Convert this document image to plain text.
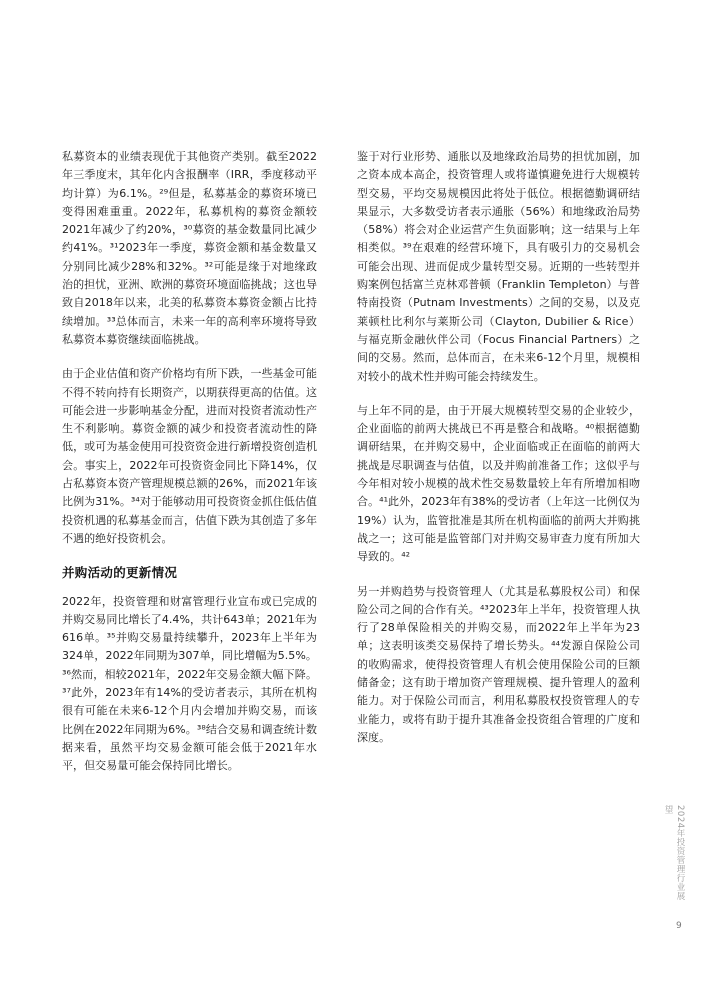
私募资本的业绩表现优于其他资产类别。截至2022年三季度末，其年化内含报酬率（IRR，季度移动平均计算）为6.1%。²⁹但是，私募基金的募资环境已变得困难重重。2022年，私募机构的募资金额较2021年减少了约20%，³⁰募资的基金数量同比减少约41%。³¹2023年一季度，募资金额和基金数量又分别同比减少28%和32%。³²可能是缘于对地缘政治的担忧，亚洲、欧洲的募资环境面临挑战；这也导致自2018年以来，北美的私募资本募资金额占比持续增加。³³总体而言，未来一年的高利率环境将导致私募资本募资继续面临挑战。

由于企业估值和资产价格均有所下跌，一些基金可能不得不转向持有长期资产，以期获得更高的估值。这可能会进一步影响基金分配，进而对投资者流动性产生不利影响。募资金额的减少和投资者流动性的降低，或可为基金使用可投资资金进行新增投资创造机会。事实上，2022年可投资资金同比下降14%，仅占私募资本资产管理规模总额的26%，而2021年该比例为31%。³⁴对于能够动用可投资资金抓住低估值投资机遇的私募基金而言，估值下跌为其创造了多年不遇的绝好投资机会。

并购活动的更新情况

2022年，投资管理和财富管理行业宣布或已完成的并购交易同比增长了4.4%，共计643单；2021年为616单。³⁵并购交易量持续攀升，2023年上半年为324单，2022年同期为307单，同比增幅为5.5%。³⁶然而，相较2021年，2022年交易金额大幅下降。³⁷此外，2023年有14%的受访者表示，其所在机构很有可能在未来6-12个月内会增加并购交易，而该比例在2022年同期为6%。³⁸结合交易和调查统计数据来看，虽然平均交易金额可能会低于2021年水平，但交易量可能会保持同比增长。

鉴于对行业形势、通胀以及地缘政治局势的担忧加剧，加之资本成本高企，投资管理人或将谨慎避免进行大规模转型交易，平均交易规模因此将处于低位。根据德勤调研结果显示，大多数受访者表示通胀（56%）和地缘政治局势（58%）将会对企业运营产生负面影响；这一结果与上年相类似。³⁹在艰难的经营环境下，具有吸引力的交易机会可能会出现、进而促成少量转型交易。近期的一些转型并购案例包括富兰克林邓普顿（Franklin Templeton）与普特南投资（Putnam Investments）之间的交易，以及克莱顿杜比利尔与莱斯公司（Clayton, Dubilier & Rice）与福克斯金融伙伴公司（Focus Financial Partners）之间的交易。然而，总体而言，在未来6-12个月里，规模相对较小的战术性并购可能会持续发生。

与上年不同的是，由于开展大规模转型交易的企业较少，企业面临的前两大挑战已不再是整合和战略。⁴⁰根据德勤调研结果，在并购交易中，企业面临或正在面临的前两大挑战是尽职调查与估值，以及并购前准备工作；这似乎与今年相对较小规模的战术性交易数量较上年有所增加相吻合。⁴¹此外，2023年有38%的受访者（上年这一比例仅为19%）认为，监管批准是其所在机构面临的前两大并购挑战之一；这可能是监管部门对并购交易审查力度有所加大导致的。⁴²

另一并购趋势与投资管理人（尤其是私募股权公司）和保险公司之间的合作有关。⁴³2023年上半年，投资管理人执行了28单保险相关的并购交易，而2022年上半年为23单；这表明该类交易保持了增长势头。⁴⁴发源自保险公司的收购需求，使得投资管理人有机会使用保险公司的巨额储备金；这有助于增加资产管理规模、提升管理人的盈利能力。对于保险公司而言，利用私募股权投资管理人的专业能力，或将有助于提升其准备金投资组合管理的广度和深度。

2024年投资管理行业展望
9
